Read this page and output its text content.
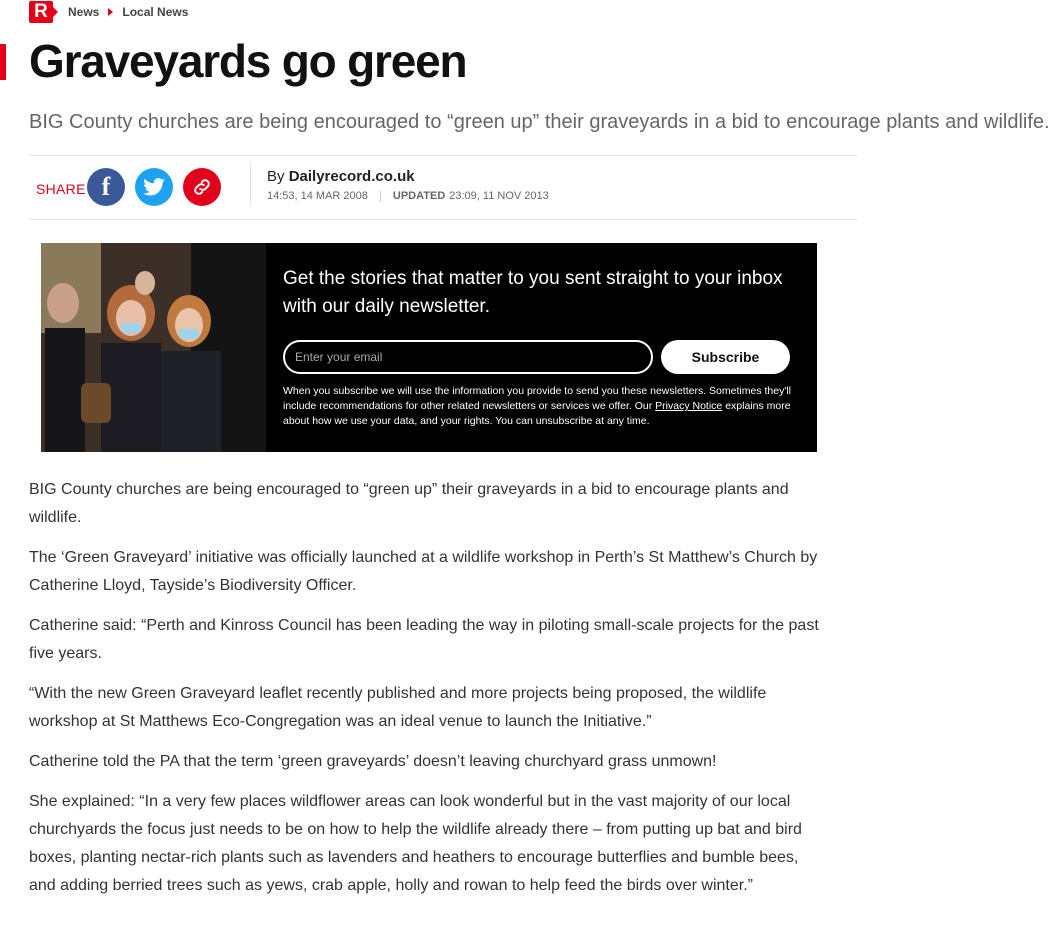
R	News Local News
Graveyards go green

BIG County churches are being encouraged to “green up” their graveyards in a bid to encourage plants and wildlife.

SHARE f	By Dailyrecord.co.uk
14:53, 14 MAR 2008 UPDATED 23:09, 11 NOV 2013

Get the stories that matter to you sent straight to your inbox with our daily newsletter.

Enter your email
Subscribe

When you subscribe we will use the information you provide to send you these newsletters. Sometimes they'll include recommendations for other related newsletters or services we offer. Our Privacy Notice explains more about how we use your data, and your rights. You can unsubscribe at any time.

BIG County churches are being encouraged to “green up” their graveyards in a bid to encourage plants and wildlife.

The ‘Green Graveyard’ initiative was officially launched at a wildlife workshop in Perth’s St Matthew’s Church by Catherine Lloyd, Tayside’s Biodiversity Officer.

Catherine said: “Perth and Kinross Council has been leading the way in piloting small-scale projects for the past five years.

“With the new Green Graveyard leaflet recently published and more projects being proposed, the wildlife workshop at St Matthews Eco-Congregation was an ideal venue to launch the Initiative.”

Catherine told the PA that the term ‘green graveyards’ doesn’t leaving churchyard grass unmown!

She explained: “In a very few places wildflower areas can look wonderful but in the vast majority of our local churchyards the focus just needs to be on how to help the wildlife already there – from putting up bat and bird boxes, planting nectar-rich plants such as lavenders and heathers to encourage butterflies and bumble bees, and adding berried trees such as yews, crab apple, holly and rowan to help feed the birds over winter.”
